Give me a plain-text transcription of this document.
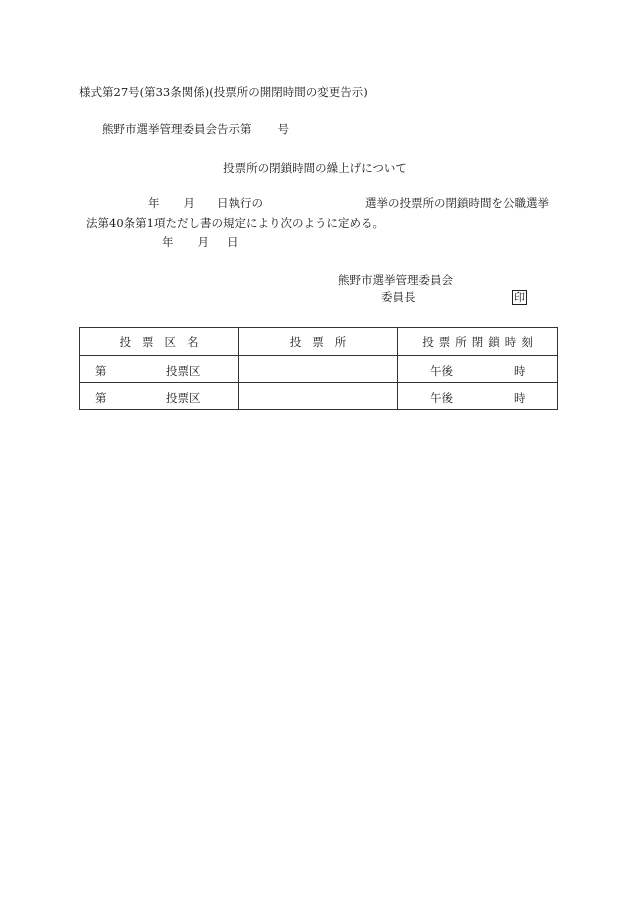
様式第27号(第33条関係)(投票所の開閉時間の変更告示)
熊野市選挙管理委員会告示第 号
投票所の閉鎖時間の繰上げについて
年 月 日執行の	選挙の投票所の閉鎖時間を公職選挙
法第40条第1項ただし書の規定により次のように定める。
年 月 日
熊野市選挙管理委員会
委員長	印
投票区名	投票所	投票所閉鎖時刻

第 投票区		午後 時

第 投票区		午後 時
